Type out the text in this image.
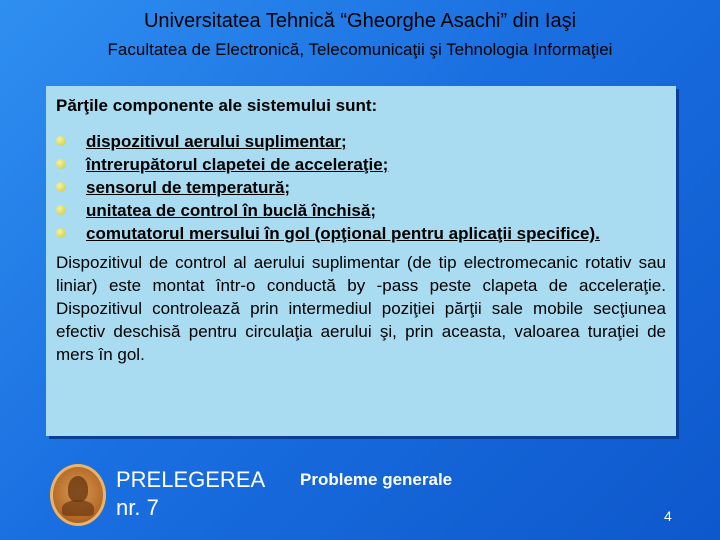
Universitatea Tehnică “Gheorghe Asachi” din Iaşi
Facultatea de Electronică, Telecomunicaţii şi Tehnologia Informaţiei

Părţile componente ale sistemului sunt:

dispozitivul aerului suplimentar;
întrerupătorul clapetei de acceleraţie;
sensorul de temperatură;
unitatea de control în buclă închisă;
comutatorul mersului în gol (opţional pentru aplicaţii specifice).

Dispozitivul de control al aerului suplimentar (de tip electromecanic rotativ sau liniar) este montat într-o conductă by -pass peste clapeta de acceleraţie. Dispozitivul controlează prin intermediul poziţiei părţii sale mobile secţiunea efectiv deschisă pentru circulaţia aerului şi, prin aceasta, valoarea turaţiei de mers în gol.

PRELEGEREA
nr. 7
Probleme generale
4
